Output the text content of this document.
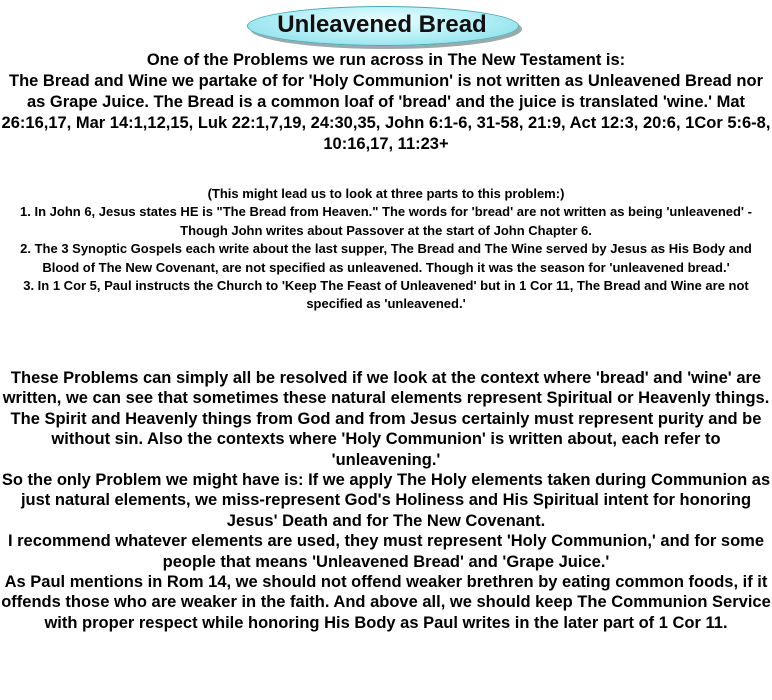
Unleavened Bread

One of the Problems we run across in The New Testament is:

The Bread and Wine we partake of for 'Holy Communion' is not written as Unleavened Bread nor as Grape Juice. The Bread is a common loaf of 'bread' and the juice is translated 'wine.' Mat 26:16,17, Mar 14:1,12,15, Luk 22:1,7,19, 24:30,35, John 6:1-6, 31-58, 21:9, Act 12:3, 20:6, 1Cor 5:6-8, 10:16,17, 11:23+

(This might lead us to look at three parts to this problem:)

1. In John 6, Jesus states HE is "The Bread from Heaven." The words for 'bread' are not written as being 'unleavened' - Though John writes about Passover at the start of John Chapter 6.

2. The 3 Synoptic Gospels each write about the last supper, The Bread and The Wine served by Jesus as His Body and Blood of The New Covenant, are not specified as unleavened. Though it was the season for 'unleavened bread.'

3. In 1 Cor 5, Paul instructs the Church to 'Keep The Feast of Unleavened' but in 1 Cor 11, The Bread and Wine are not specified as 'unleavened.'

These Problems can simply all be resolved if we look at the context where 'bread' and 'wine' are written, we can see that sometimes these natural elements represent Spiritual or Heavenly things. The Spirit and Heavenly things from God and from Jesus certainly must represent purity and be without sin. Also the contexts where 'Holy Communion' is written about, each refer to 'unleavening.'

So the only Problem we might have is: If we apply The Holy elements taken during Communion as just natural elements, we miss-represent God's Holiness and His Spiritual intent for honoring Jesus' Death and for The New Covenant.

I recommend whatever elements are used, they must represent 'Holy Communion,' and for some people that means 'Unleavened Bread' and 'Grape Juice.'

As Paul mentions in Rom 14, we should not offend weaker brethren by eating common foods, if it offends those who are weaker in the faith. And above all, we should keep The Communion Service with proper respect while honoring His Body as Paul writes in the later part of 1 Cor 11.
